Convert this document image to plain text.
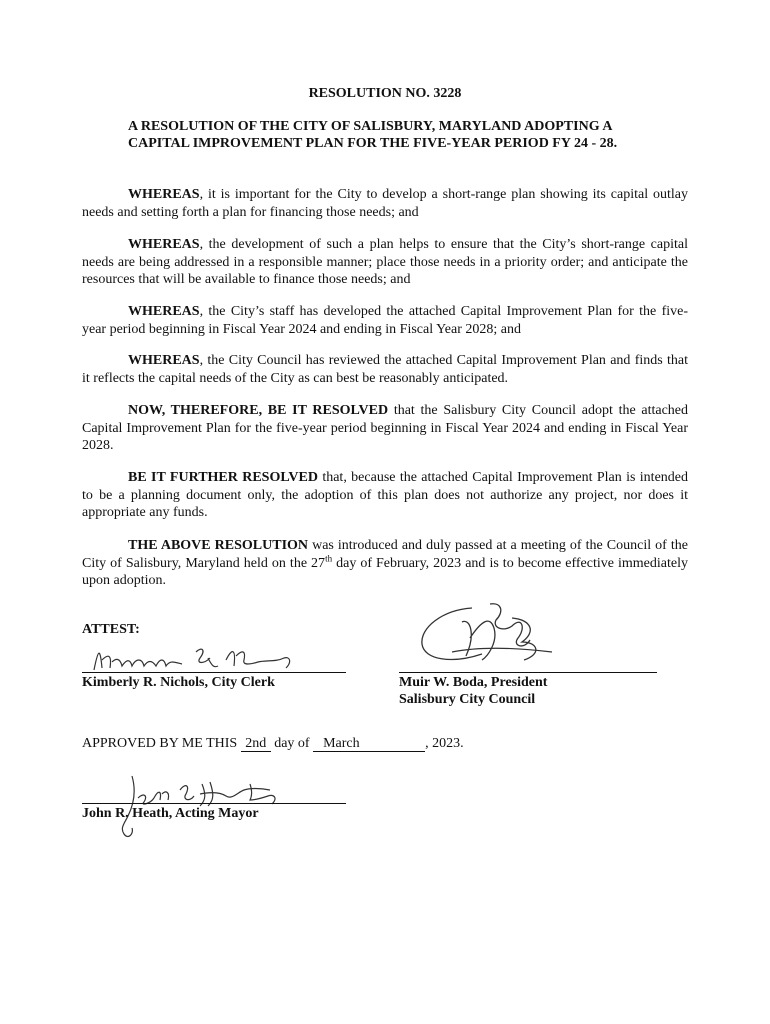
RESOLUTION NO. 3228
A RESOLUTION OF THE CITY OF SALISBURY, MARYLAND ADOPTING A CAPITAL IMPROVEMENT PLAN FOR THE FIVE-YEAR PERIOD FY 24 - 28.
WHEREAS, it is important for the City to develop a short-range plan showing its capital outlay needs and setting forth a plan for financing those needs; and
WHEREAS, the development of such a plan helps to ensure that the City’s short-range capital needs are being addressed in a responsible manner; place those needs in a priority order; and anticipate the resources that will be available to finance those needs; and
WHEREAS, the City’s staff has developed the attached Capital Improvement Plan for the five-year period beginning in Fiscal Year 2024 and ending in Fiscal Year 2028; and
WHEREAS, the City Council has reviewed the attached Capital Improvement Plan and finds that it reflects the capital needs of the City as can best be reasonably anticipated.
NOW, THEREFORE, BE IT RESOLVED that the Salisbury City Council adopt the attached Capital Improvement Plan for the five-year period beginning in Fiscal Year 2024 and ending in Fiscal Year 2028.
BE IT FURTHER RESOLVED that, because the attached Capital Improvement Plan is intended to be a planning document only, the adoption of this plan does not authorize any project, nor does it appropriate any funds.
THE ABOVE RESOLUTION was introduced and duly passed at a meeting of the Council of the City of Salisbury, Maryland held on the 27th day of February, 2023 and is to become effective immediately upon adoption.
ATTEST:
Kimberly R. Nichols, City Clerk	Muir W. Boda, President
Salisbury City Council
APPROVED BY ME THIS 2nd day of March	, 2023.
John R. Heath, Acting Mayor
